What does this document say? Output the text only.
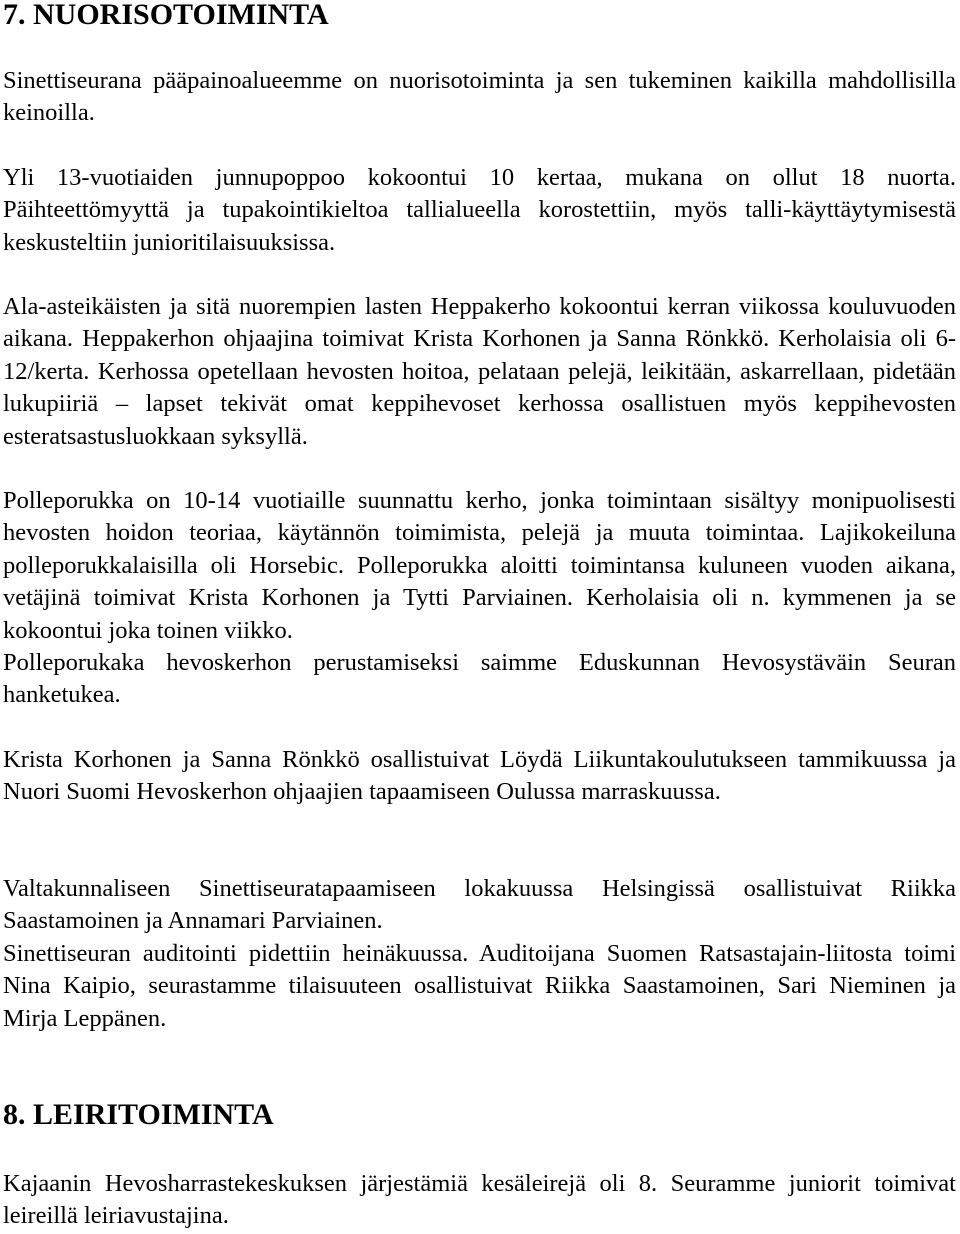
7. NUORISOTOIMINTA

Sinettiseurana pääpainoalueemme on nuorisotoiminta ja sen tukeminen kaikilla mahdollisilla keinoilla.

Yli 13-vuotiaiden junnupoppoo kokoontui 10 kertaa, mukana on ollut 18 nuorta. Päihteettömyyttä ja tupakointikieltoa tallialueella korostettiin, myös talli-käyttäytymisestä keskusteltiin junioritilaisuuksissa.

Ala-asteikäisten ja sitä nuorempien lasten Heppakerho kokoontui kerran viikossa kouluvuoden aikana. Heppakerhon ohjaajina toimivat Krista Korhonen ja Sanna Rönkkö. Kerholaisia oli 6-12/kerta. Kerhossa opetellaan hevosten hoitoa, pelataan pelejä, leikitään, askarrellaan, pidetään lukupiiriä – lapset tekivät omat keppihevoset kerhossa osallistuen myös keppihevosten esteratsastusluokkaan syksyllä.

Polleporukka on 10-14 vuotiaille suunnattu kerho, jonka toimintaan sisältyy monipuolisesti hevosten hoidon teoriaa, käytännön toimimista, pelejä ja muuta toimintaa. Lajikokeiluna polleporukkalaisilla oli Horsebic. Polleporukka aloitti toimintansa kuluneen vuoden aikana, vetäjinä toimivat Krista Korhonen ja Tytti Parviainen. Kerholaisia oli n. kymmenen ja se kokoontui joka toinen viikko.

Polleporukaka hevoskerhon perustamiseksi saimme Eduskunnan Hevosystäväin Seuran hanketukea.

Krista Korhonen ja Sanna Rönkkö osallistuivat Löydä Liikuntakoulutukseen tammikuussa ja Nuori Suomi Hevoskerhon ohjaajien tapaamiseen Oulussa marraskuussa.

Valtakunnaliseen Sinettiseuratapaamiseen lokakuussa Helsingissä osallistuivat Riikka Saastamoinen ja Annamari Parviainen.

Sinettiseuran auditointi pidettiin heinäkuussa. Auditoijana Suomen Ratsastajain-liitosta toimi Nina Kaipio, seurastamme tilaisuuteen osallistuivat Riikka Saastamoinen, Sari Nieminen ja Mirja Leppänen.

8. LEIRITOIMINTA

Kajaanin Hevosharrastekeskuksen järjestämiä kesäleirejä oli 8. Seuramme juniorit toimivat leireillä leiriavustajina.
